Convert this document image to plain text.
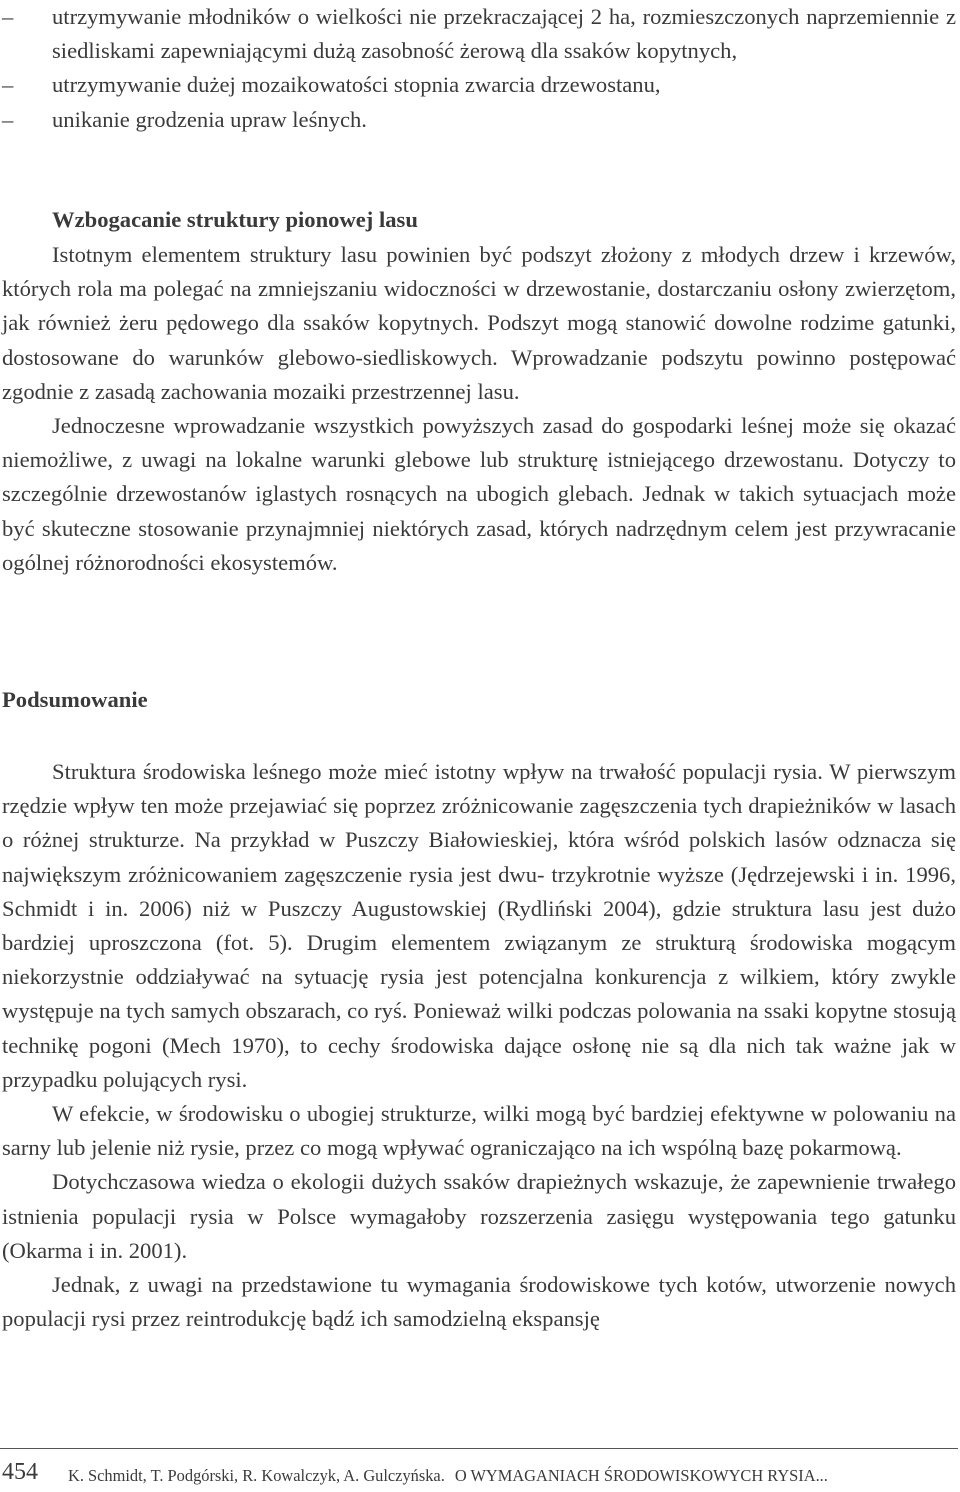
– utrzymywanie młodników o wielkości nie przekraczającej 2 ha, rozmieszczonych naprzemiennie z siedliskami zapewniającymi dużą zasobność żerową dla ssaków kopytnych,
– utrzymywanie dużej mozaikowatości stopnia zwarcia drzewostanu,
– unikanie grodzenia upraw leśnych.
Wzbogacanie struktury pionowej lasu

Istotnym elementem struktury lasu powinien być podszyt złożony z młodych drzew i krzewów, których rola ma polegać na zmniejszaniu widoczności w drzewostanie, dostarczaniu osłony zwierzętom, jak również żeru pędowego dla ssaków kopytnych. Podszyt mogą stanowić dowolne rodzime gatunki, dostosowane do warunków glebowo-siedliskowych. Wprowadzanie podszytu powinno postępować zgodnie z zasadą zachowania mozaiki przestrzennej lasu.

Jednoczesne wprowadzanie wszystkich powyższych zasad do gospodarki leśnej może się okazać niemożliwe, z uwagi na lokalne warunki glebowe lub strukturę istniejącego drzewostanu. Dotyczy to szczególnie drzewostanów iglastych rosnących na ubogich glebach. Jednak w takich sytuacjach może być skuteczne stosowanie przynajmniej niektórych zasad, których nadrzędnym celem jest przywracanie ogólnej różnorodności ekosystemów.

Podsumowanie

Struktura środowiska leśnego może mieć istotny wpływ na trwałość populacji rysia. W pierwszym rzędzie wpływ ten może przejawiać się poprzez zróżnicowanie zagęszczenia tych drapieżników w lasach o różnej strukturze. Na przykład w Puszczy Białowieskiej, która wśród polskich lasów odznacza się największym zróżnicowaniem zagęszczenie rysia jest dwu- trzykrotnie wyższe (Jędrzejewski i in. 1996, Schmidt i in. 2006) niż w Puszczy Augustowskiej (Rydliński 2004), gdzie struktura lasu jest dużo bardziej uproszczona (fot. 5). Drugim elementem związanym ze strukturą środowiska mogącym niekorzystnie oddziaływać na sytuację rysia jest potencjalna konkurencja z wilkiem, który zwykle występuje na tych samych obszarach, co ryś. Ponieważ wilki podczas polowania na ssaki kopytne stosują technikę pogoni (Mech 1970), to cechy środowiska dające osłonę nie są dla nich tak ważne jak w przypadku polujących rysi.

W efekcie, w środowisku o ubogiej strukturze, wilki mogą być bardziej efektywne w polowaniu na sarny lub jelenie niż rysie, przez co mogą wpływać ograniczająco na ich wspólną bazę pokarmową.

Dotychczasowa wiedza o ekologii dużych ssaków drapieżnych wskazuje, że zapewnienie trwałego istnienia populacji rysia w Polsce wymagałoby rozszerzenia zasięgu występowania tego gatunku (Okarma i in. 2001).

Jednak, z uwagi na przedstawione tu wymagania środowiskowe tych kotów, utworzenie nowych populacji rysi przez reintrodukcję bądź ich samodzielną ekspansję

454 K. Schmidt, T. Podgórski, R. Kowalczyk, A. Gulczyńska. O WYMAGANIACH ŚRODOWISKOWYCH RYSIA...
